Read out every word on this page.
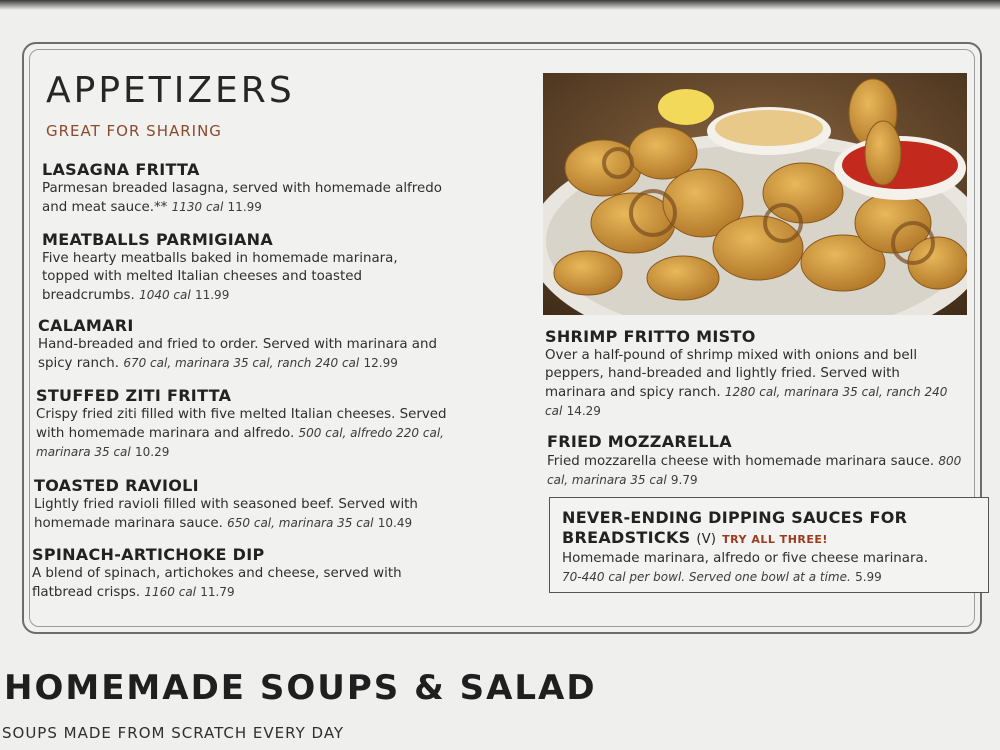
APPETIZERS

GREAT FOR SHARING

LASAGNA FRITTA
Parmesan breaded lasagna, served with homemade alfredo and meat sauce.** 1130 cal 11.99
MEATBALLS PARMIGIANA
Five hearty meatballs baked in homemade marinara, topped with melted Italian cheeses and toasted breadcrumbs. 1040 cal 11.99
CALAMARI
Hand-breaded and fried to order. Served with marinara and spicy ranch. 670 cal, marinara 35 cal, ranch 240 cal 12.99
STUFFED ZITI FRITTA
Crispy fried ziti filled with five melted Italian cheeses. Served with homemade marinara and alfredo. 500 cal, alfredo 220 cal, marinara 35 cal 10.29
TOASTED RAVIOLI
Lightly fried ravioli filled with seasoned beef. Served with homemade marinara sauce. 650 cal, marinara 35 cal 10.49
SPINACH-ARTICHOKE DIP
A blend of spinach, artichokes and cheese, served with flatbread crisps. 1160 cal 11.79
SHRIMP FRITTO MISTO
Over a half-pound of shrimp mixed with onions and bell peppers, hand-breaded and lightly fried. Served with marinara and spicy ranch. 1280 cal, marinara 35 cal, ranch 240 cal 14.29
FRIED MOZZARELLA
Fried mozzarella cheese with homemade marinara sauce. 800 cal, marinara 35 cal 9.79
NEVER-ENDING DIPPING SAUCES FOR BREADSTICKS (V) TRY ALL THREE!
Homemade marinara, alfredo or five cheese marinara.
70-440 cal per bowl. Served one bowl at a time. 5.99
HOMEMADE SOUPS & SALAD

SOUPS MADE FROM SCRATCH EVERY DAY
